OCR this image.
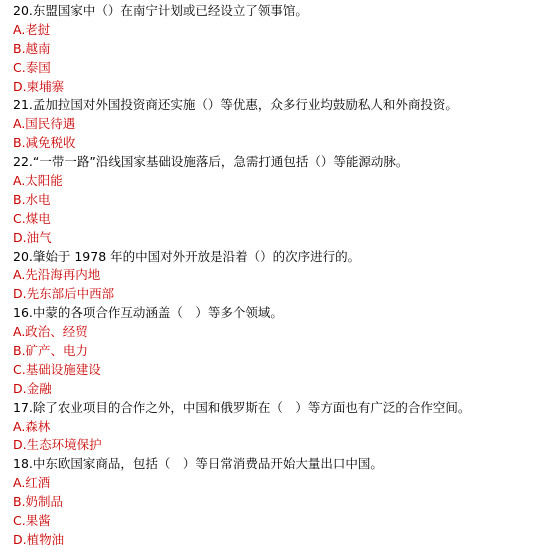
20.东盟国家中（）在南宁计划或已经设立了领事馆。
A.老挝
B.越南
C.泰国
D.柬埔寨
21.孟加拉国对外国投资商还实施（）等优惠，众多行业均鼓励私人和外商投资。
A.国民待遇
B.减免税收
22.“一带一路”沿线国家基础设施落后，急需打通包括（）等能源动脉。
A.太阳能
B.水电
C.煤电
D.油气
20.肇始于 1978 年的中国对外开放是沿着（）的次序进行的。
A.先沿海再内地
D.先东部后中西部
16.中蒙的各项合作互动涵盖（　）等多个领域。
A.政治、经贸
B.矿产、电力
C.基础设施建设
D.金融
17.除了农业项目的合作之外，中国和俄罗斯在（　）等方面也有广泛的合作空间。
A.森林
D.生态环境保护
18.中东欧国家商品，包括（　）等日常消费品开始大量出口中国。
A.红酒
B.奶制品
C.果酱
D.植物油
